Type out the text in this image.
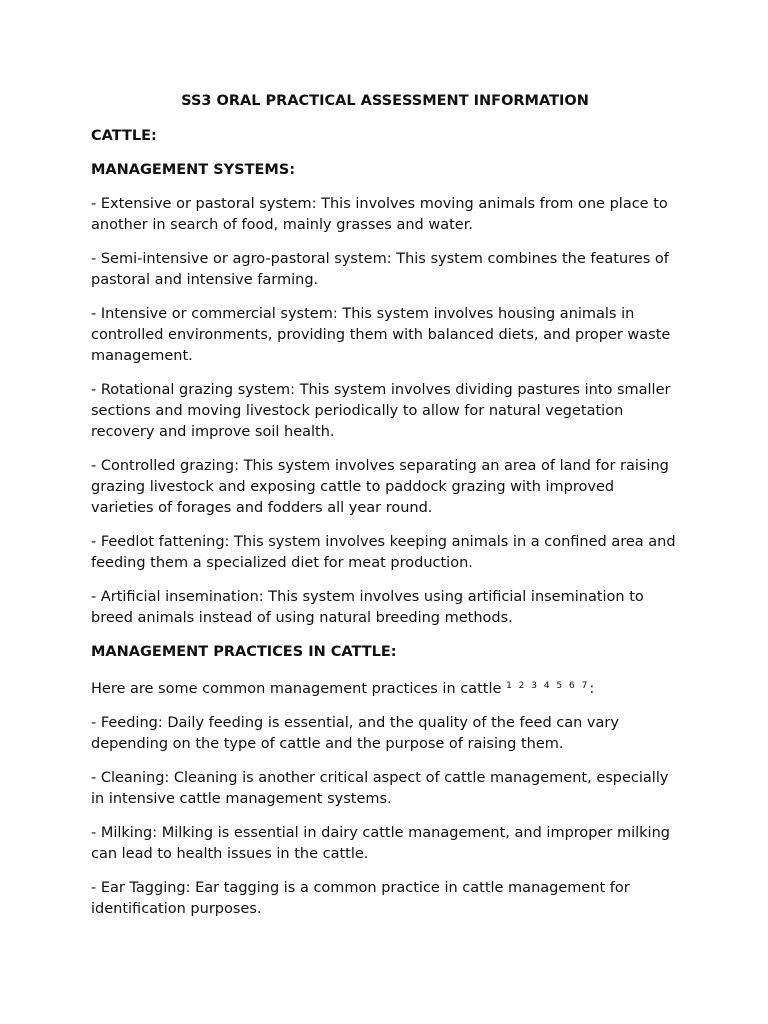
SS3 ORAL PRACTICAL ASSESSMENT INFORMATION
CATTLE:
MANAGEMENT SYSTEMS:
- Extensive or pastoral system: This involves moving animals from one place to another in search of food, mainly grasses and water.
- Semi-intensive or agro-pastoral system: This system combines the features of pastoral and intensive farming.
- Intensive or commercial system: This system involves housing animals in controlled environments, providing them with balanced diets, and proper waste management.
- Rotational grazing system: This system involves dividing pastures into smaller sections and moving livestock periodically to allow for natural vegetation recovery and improve soil health.
- Controlled grazing: This system involves separating an area of land for raising grazing livestock and exposing cattle to paddock grazing with improved varieties of forages and fodders all year round.
- Feedlot fattening: This system involves keeping animals in a confined area and feeding them a specialized diet for meat production.
- Artificial insemination: This system involves using artificial insemination to breed animals instead of using natural breeding methods.
MANAGEMENT PRACTICES IN CATTLE:
Here are some common management practices in cattle $^{1 2 3 4 5 6 7}$:
- Feeding: Daily feeding is essential, and the quality of the feed can vary depending on the type of cattle and the purpose of raising them.
- Cleaning: Cleaning is another critical aspect of cattle management, especially in intensive cattle management systems.
- Milking: Milking is essential in dairy cattle management, and improper milking can lead to health issues in the cattle.
- Ear Tagging: Ear tagging is a common practice in cattle management for identification purposes.
